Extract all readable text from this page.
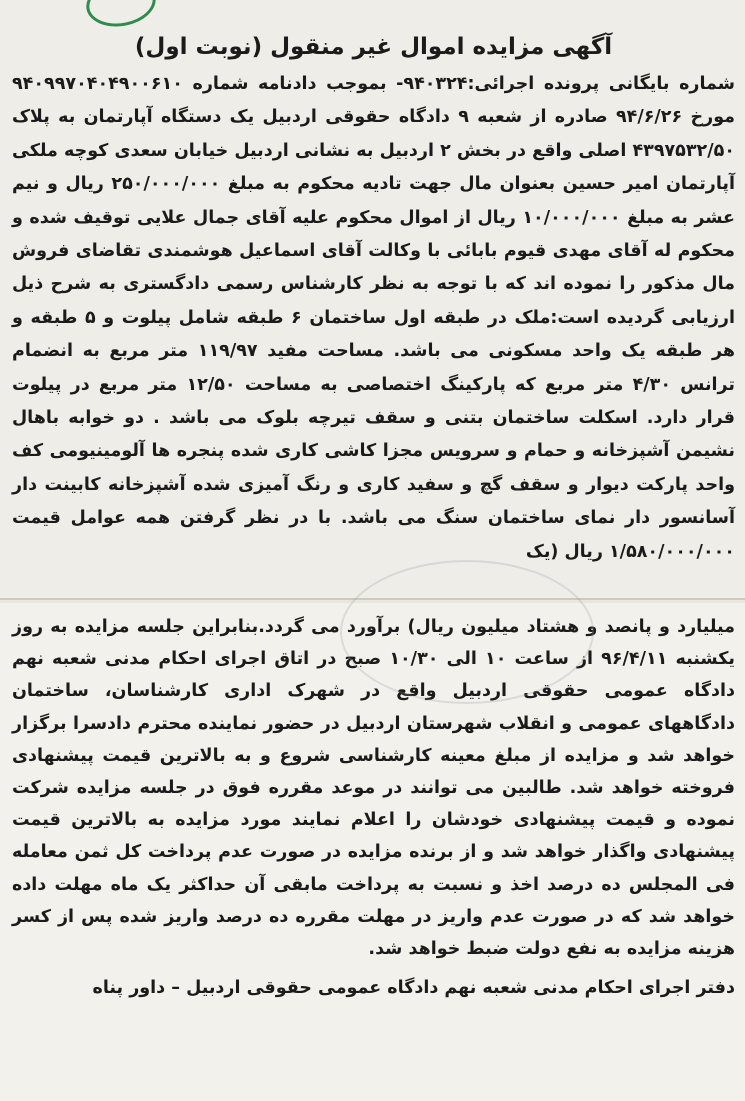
آگهی مزایده اموال غیر منقول (نوبت اول)
شماره بایگانی پرونده اجرائی:۹۴۰۳۲۴- بموجب دادنامه شماره ۹۴۰۹۹۷۰۴۰۴۹۰۰۶۱۰ مورخ ۹۴/۶/۲۶ صادره از شعبه ۹ دادگاه حقوقی اردبیل یک دستگاه آپارتمان به پلاک ۴۳۹۷۵۳۲/۵۰ اصلی واقع در بخش ۲ اردبیل به نشانی اردبیل خیابان سعدی کوچه ملکی آپارتمان امیر حسین بعنوان مال جهت تادیه محکوم به مبلغ ۲۵۰/۰۰۰/۰۰۰ ریال و نیم عشر به مبلغ ۱۰/۰۰۰/۰۰۰ ریال از اموال محکوم علیه آقای جمال علایی توقیف شده و محکوم له آقای مهدی قیوم بابائی با وکالت آقای اسماعیل هوشمندی تقاضای فروش مال مذکور را نموده اند که با توجه به نظر کارشناس رسمی دادگستری به شرح ذیل ارزیابی گردیده است:ملک در طبقه اول ساختمان ۶ طبقه شامل پیلوت و ۵ طبقه و هر طبقه یک واحد مسکونی می باشد. مساحت مفید ۱۱۹/۹۷ متر مربع به انضمام ترانس ۴/۳۰ متر مربع که پارکینگ اختصاصی به مساحت ۱۲/۵۰ متر مربع در پیلوت قرار دارد. اسکلت ساختمان بتنی و سقف تیرچه بلوک می باشد . دو خوابه باهال نشیمن آشپزخانه و حمام و سرویس مجزا کاشی کاری شده پنجره ها آلومینیومی کف واحد پارکت دیوار و سقف گچ و سفید کاری و رنگ آمیزی شده آشپزخانه کابینت دار آسانسور دار نمای ساختمان سنگ می باشد. با در نظر گرفتن همه عوامل قیمت ۱/۵۸۰/۰۰۰/۰۰۰ ریال (یک
میلیارد و پانصد و هشتاد میلیون ریال) برآورد می گردد.بنابراین جلسه مزایده به روز یکشنبه ۹۶/۴/۱۱ از ساعت ۱۰ الی ۱۰/۳۰ صبح در اتاق اجرای احکام مدنی شعبه نهم دادگاه عمومی حقوقی اردبیل واقع در شهرک اداری کارشناسان، ساختمان دادگاههای عمومی و انقلاب شهرستان اردبیل در حضور نماینده محترم دادسرا برگزار خواهد شد و مزایده از مبلغ معینه کارشناسی شروع و به بالاترین قیمت پیشنهادی فروخته خواهد شد. طالبین می توانند در موعد مقرره فوق در جلسه مزایده شرکت نموده و قیمت پیشنهادی خودشان را اعلام نمایند مورد مزایده به بالاترین قیمت پیشنهادی واگذار خواهد شد و از برنده مزایده در صورت عدم پرداخت کل ثمن معامله فی المجلس ده درصد اخذ و نسبت به پرداخت مابقی آن حداکثر یک ماه مهلت داده خواهد شد که در صورت عدم واریز در مهلت مقرره ده درصد واریز شده پس از کسر هزینه مزایده به نفع دولت ضبط خواهد شد.
دفتر اجرای احکام مدنی شعبه نهم دادگاه عمومی حقوقی اردبیل – داور پناه
